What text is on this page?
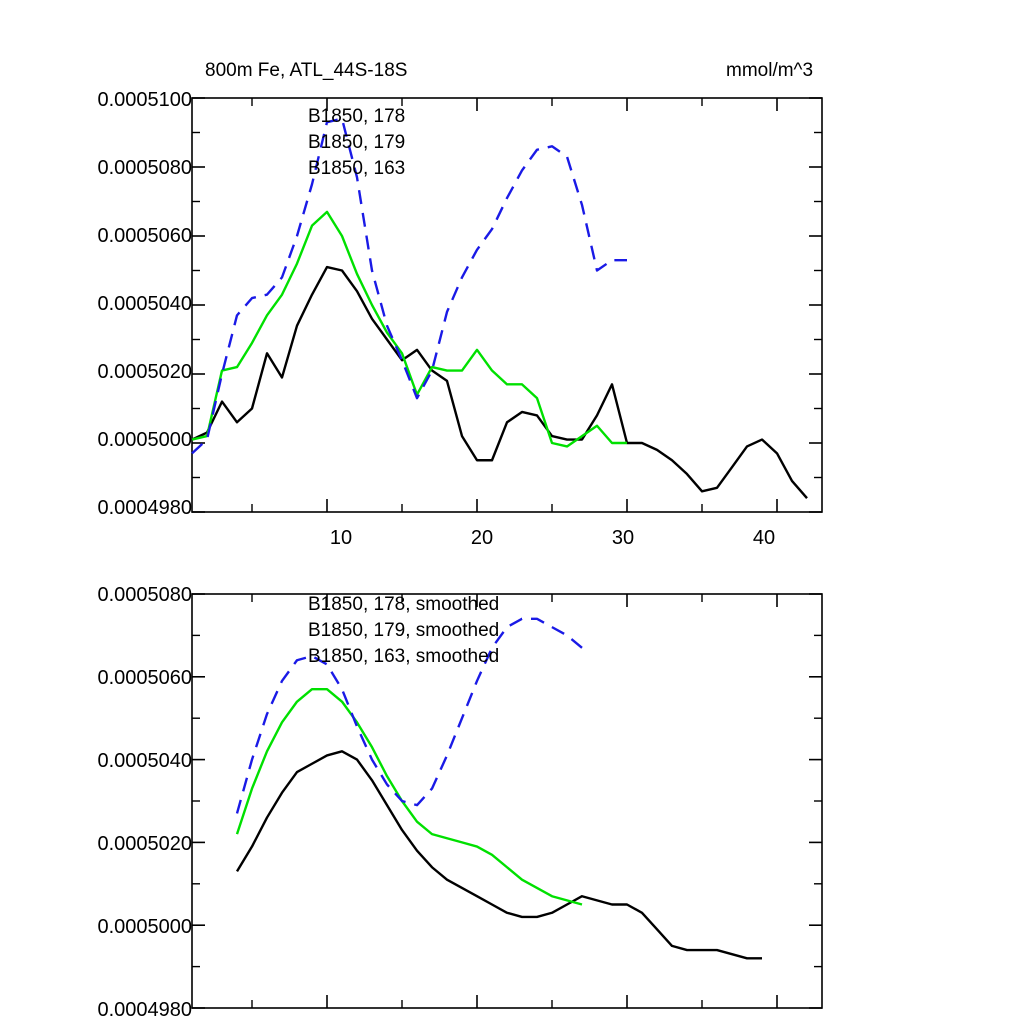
800m Fe, ATL_44S-18S	mmol/m^3
0.0005100
0.0005080
0.0005060
0.0005040
0.0005020
0.0005000
0.0004980
10	20	30	40
B1850, 178
B1850, 179
B1850, 163
0.0005080
0.0005060
0.0005040
0.0005020
0.0005000
0.0004980
B1850, 178, smoothed
B1850, 179, smoothed
B1850, 163, smoothed
